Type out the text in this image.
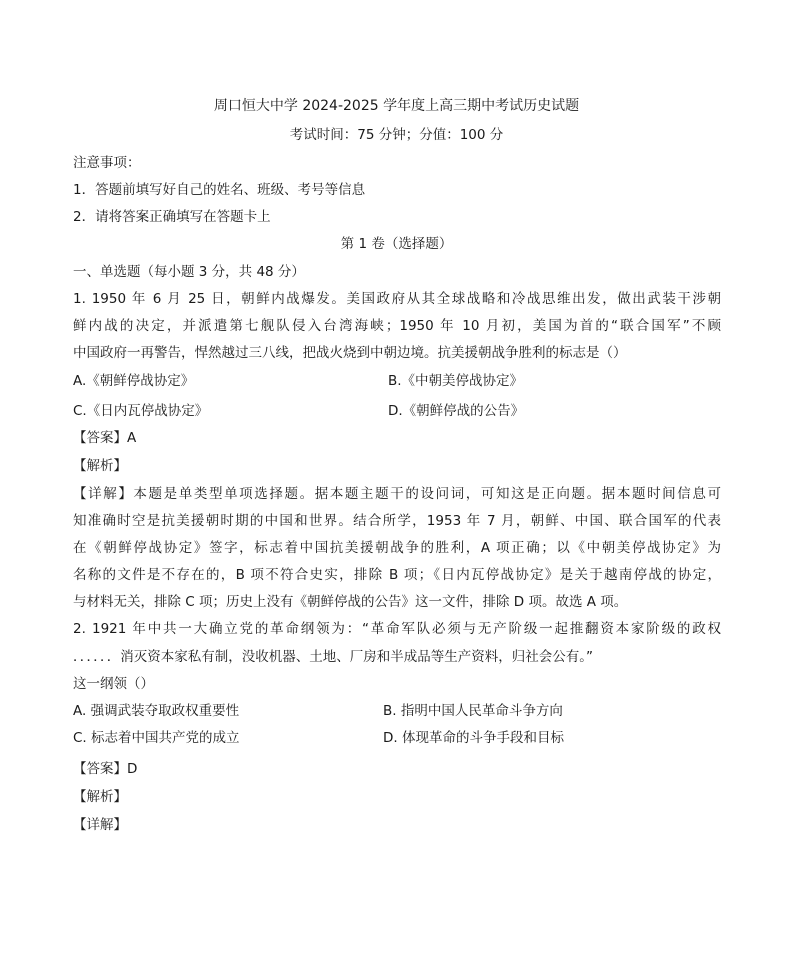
周口恒大中学 2024-2025 学年度上高三期中考试历史试题
考试时间：75 分钟；分值：100 分
注意事项：
1．答题前填写好自己的姓名、班级、考号等信息
2．请将答案正确填写在答题卡上
第 1 卷（选择题）
一、单选题（每小题 3 分，共 48 分）
1. 1950 年 6 月 25 日，朝鲜内战爆发。美国政府从其全球战略和冷战思维出发，做出武装干涉朝
鲜内战的决定，并派遣第七舰队侵入台湾海峡；1950 年 10 月初，美国为首的“联合国军”不顾
中国政府一再警告，悍然越过三八线，把战火烧到中朝边境。抗美援朝战争胜利的标志是（）
A.《朝鲜停战协定》	B.《中朝美停战协定》
C.《日内瓦停战协定》	D.《朝鲜停战的公告》
【答案】A
【解析】
【详解】本题是单类型单项选择题。据本题主题干的设问词，可知这是正向题。据本题时间信息可
知准确时空是抗美援朝时期的中国和世界。结合所学，1953 年 7 月，朝鲜、中国、联合国军的代表
在《朝鲜停战协定》签字，标志着中国抗美援朝战争的胜利，A 项正确；以《中朝美停战协定》为
名称的文件是不存在的，B 项不符合史实，排除 B 项；《日内瓦停战协定》是关于越南停战的协定，
与材料无关，排除 C 项；历史上没有《朝鲜停战的公告》这一文件，排除 D 项。故选 A 项。
2. 1921 年中共一大确立党的革命纲领为：“革命军队必须与无产阶级一起推翻资本家阶级的政权
．．．．．．消灭资本家私有制，没收机器、土地、厂房和半成品等生产资料，归社会公有。”
这一纲领（）
A. 强调武装夺取政权重要性	B. 指明中国人民革命斗争方向
C. 标志着中国共产党的成立	D. 体现革命的斗争手段和目标
【答案】D
【解析】
【详解】
